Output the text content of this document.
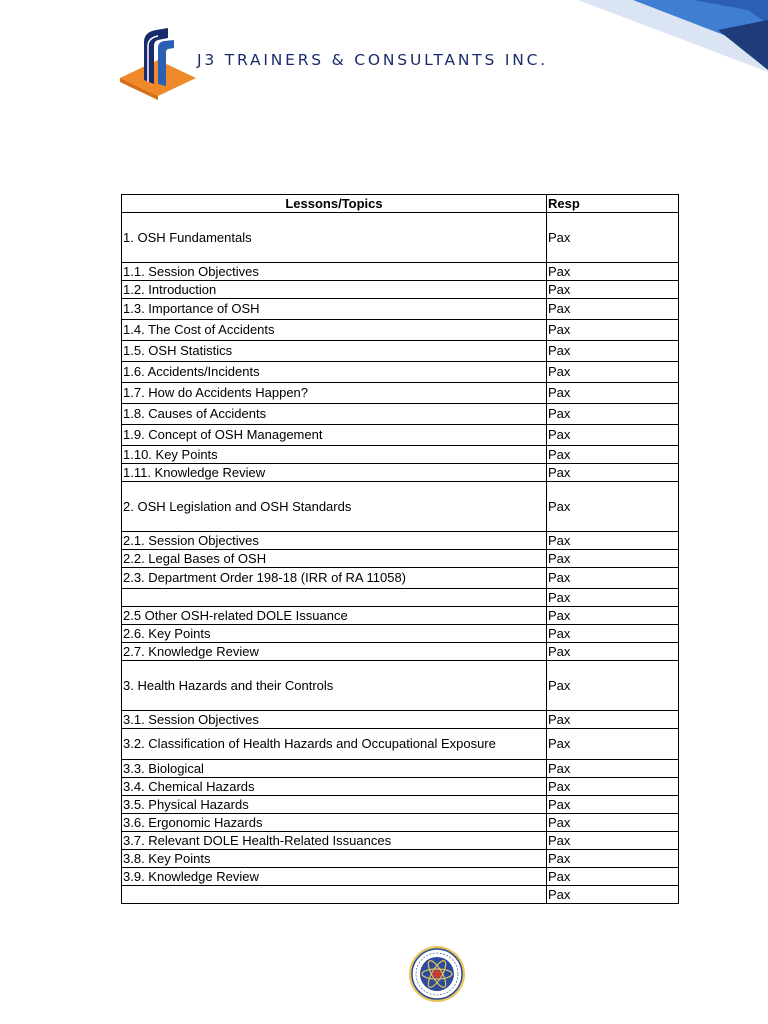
J3 TRAINERS & CONSULTANTS INC.
Lessons/Topics	Resp
1. OSH Fundamentals	Pax
1.1. Session Objectives	Pax
1.2. Introduction	Pax
1.3. Importance of OSH	Pax
1.4. The Cost of Accidents	Pax
1.5. OSH Statistics	Pax
1.6. Accidents/Incidents	Pax
1.7. How do Accidents Happen?	Pax
1.8. Causes of Accidents	Pax
1.9. Concept of OSH Management	Pax
1.10. Key Points	Pax
1.11. Knowledge Review	Pax
2. OSH Legislation and OSH Standards	Pax
2.1. Session Objectives	Pax
2.2. Legal Bases of OSH	Pax
2.3. Department Order 198-18 (IRR of RA 11058)	Pax
	Pax
2.5 Other OSH-related DOLE Issuance	Pax
2.6. Key Points	Pax
2.7. Knowledge Review	Pax
3. Health Hazards and their Controls	Pax
3.1. Session Objectives	Pax
3.2. Classification of Health Hazards and Occupational Exposure	Pax
3.3. Biological	Pax
3.4. Chemical Hazards	Pax
3.5. Physical Hazards	Pax
3.6. Ergonomic Hazards	Pax
3.7. Relevant DOLE Health-Related Issuances	Pax
3.8. Key Points	Pax
3.9. Knowledge Review	Pax
	Pax
